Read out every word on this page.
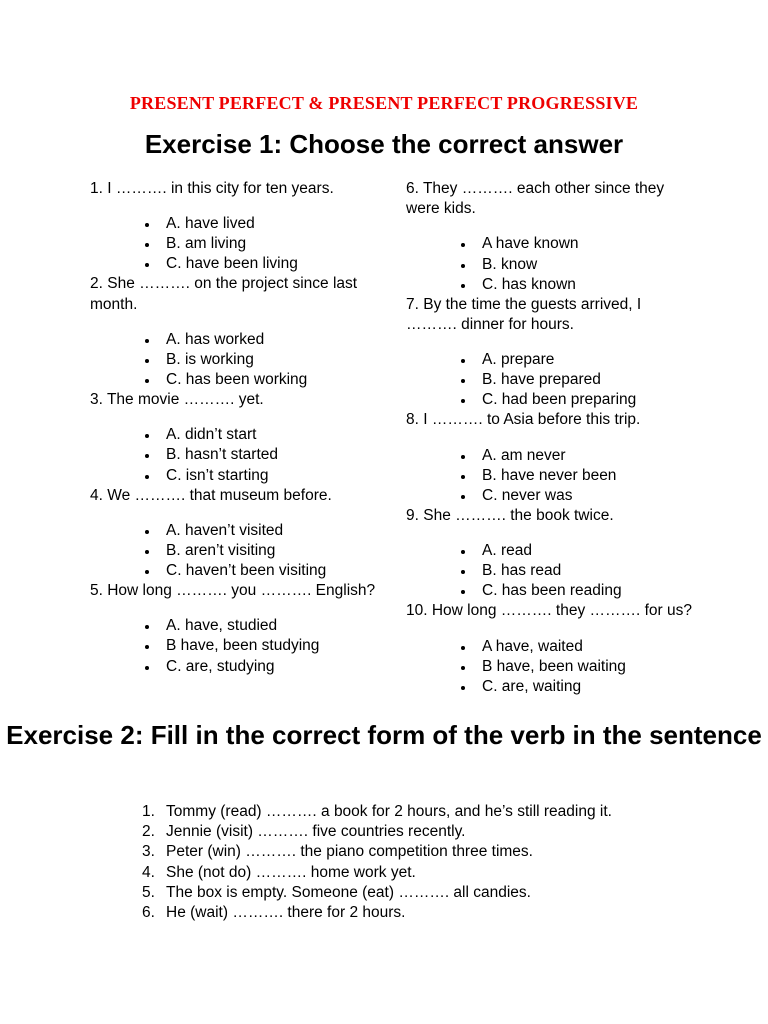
PRESENT PERFECT & PRESENT PERFECT PROGRESSIVE
Exercise 1: Choose the correct answer

1. I ………. in this city for ten years.

A. have lived
B. am living
C. have been living

2. She ………. on the project since last month.

A. has worked
B. is working
C. has been working

3. The movie ………. yet.

A. didn’t start
B. hasn’t started
C. isn’t starting

4. We ………. that museum before.

A. haven’t visited
B. aren’t visiting
C. haven’t been visiting

5. How long ………. you ………. English?

A. have, studied
B have, been studying
C. are, studying

6. They ………. each other since they were kids.

A have known
B. know
C. has known

7. By the time the guests arrived, I ………. dinner for hours.

A. prepare
B. have prepared
C. had been preparing

8. I ………. to Asia before this trip.

A. am never
B. have never been
C. never was

9. She ………. the book twice.

A. read
B. has read
C. has been reading

10. How long ………. they ………. for us?

A have, waited
B have, been waiting
C. are, waiting
Exercise 2: Fill in the correct form of the verb in the sentence
1. Tommy (read) ………. a book for 2 hours, and he’s still reading it.
2. Jennie (visit) ………. five countries recently.
3. Peter (win) ………. the piano competition three times.
4. She (not do) ………. home work yet.
5. The box is empty. Someone (eat) ………. all candies.
6. He (wait) ………. there for 2 hours.
